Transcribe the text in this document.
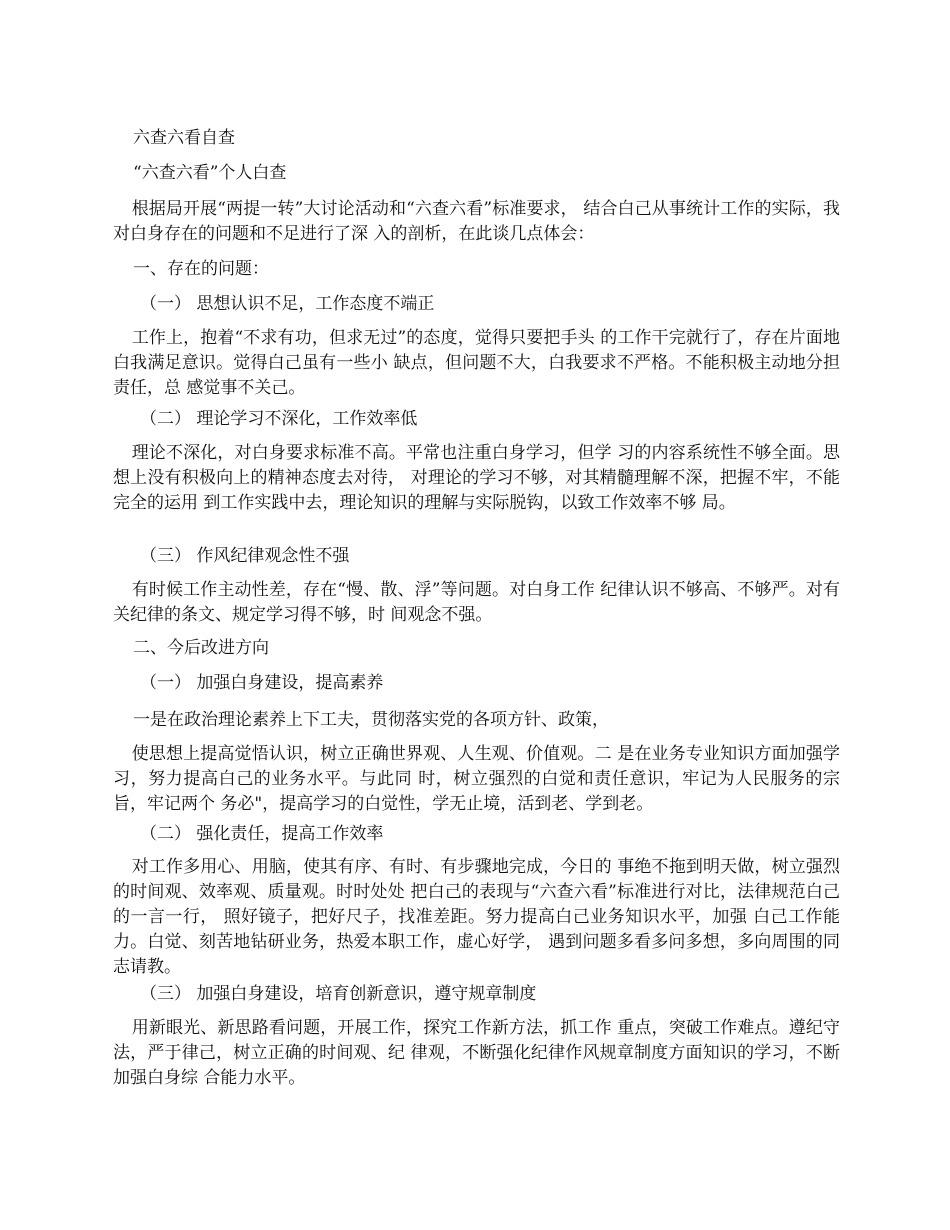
六查六看自查

“六查六看”个人白查

根据局开展“两提一转”大讨论活动和“六查六看”标准要求， 结合白己从事统计工作的实际，我对白身存在的问题和不足进行了深 入的剖析，在此谈几点体会：

一、存在的问题：

（一） 思想认识不足，工作态度不端正

工作上，抱着“不求有功，但求无过”的态度，觉得只要把手头 的工作干完就行了，存在片面地白我满足意识。觉得白己虽有一些小 缺点，但问题不大，白我要求不严格。不能积极主动地分担责任，总 感觉事不关己。

（二） 理论学习不深化，工作效率低

理论不深化，对白身要求标准不高。平常也注重白身学习，但学 习的内容系统性不够全面。思想上没有积极向上的精神态度去对待， 对理论的学习不够，对其精髓理解不深，把握不牢，不能完全的运用 到工作实践中去，理论知识的理解与实际脱钩，以致工作效率不够 局。

（三） 作风纪律观念性不强

有时候工作主动性差，存在“慢、散、浮”等问题。对白身工作 纪律认识不够高、不够严。对有关纪律的条文、规定学习得不够，时 间观念不强。

二、今后改进方向

（一） 加强白身建设，提高素养

一是在政治理论素养上下工夫，贯彻落实党的各项方针、政策，

使思想上提高觉悟认识，树立正确世界观、人生观、价值观。二 是在业务专业知识方面加强学习，努力提高白己的业务水平。与此同 时，树立强烈的白觉和责任意识，牢记为人民服务的宗旨，牢记两个 务必"，提高学习的白觉性，学无止境，活到老、学到老。

（二） 强化责任，提高工作效率

对工作多用心、用脑，使其有序、有时、有步骤地完成，今日的 事绝不拖到明天做，树立强烈的时间观、效率观、质量观。时时处处 把白己的表现与“六查六看”标准进行对比，法律规范白己的一言一行， 照好镜子，把好尺子，找准差距。努力提高白己业务知识水平，加强 白己工作能力。白觉、刻苦地钻研业务，热爱本职工作，虚心好学， 遇到问题多看多问多想，多向周围的同志请教。

（三） 加强白身建设，培育创新意识，遵守规章制度

用新眼光、新思路看问题，开展工作，探究工作新方法，抓工作 重点，突破工作难点。遵纪守法，严于律己，树立正确的时间观、纪 律观，不断强化纪律作风规章制度方面知识的学习，不断加强白身综 合能力水平。
